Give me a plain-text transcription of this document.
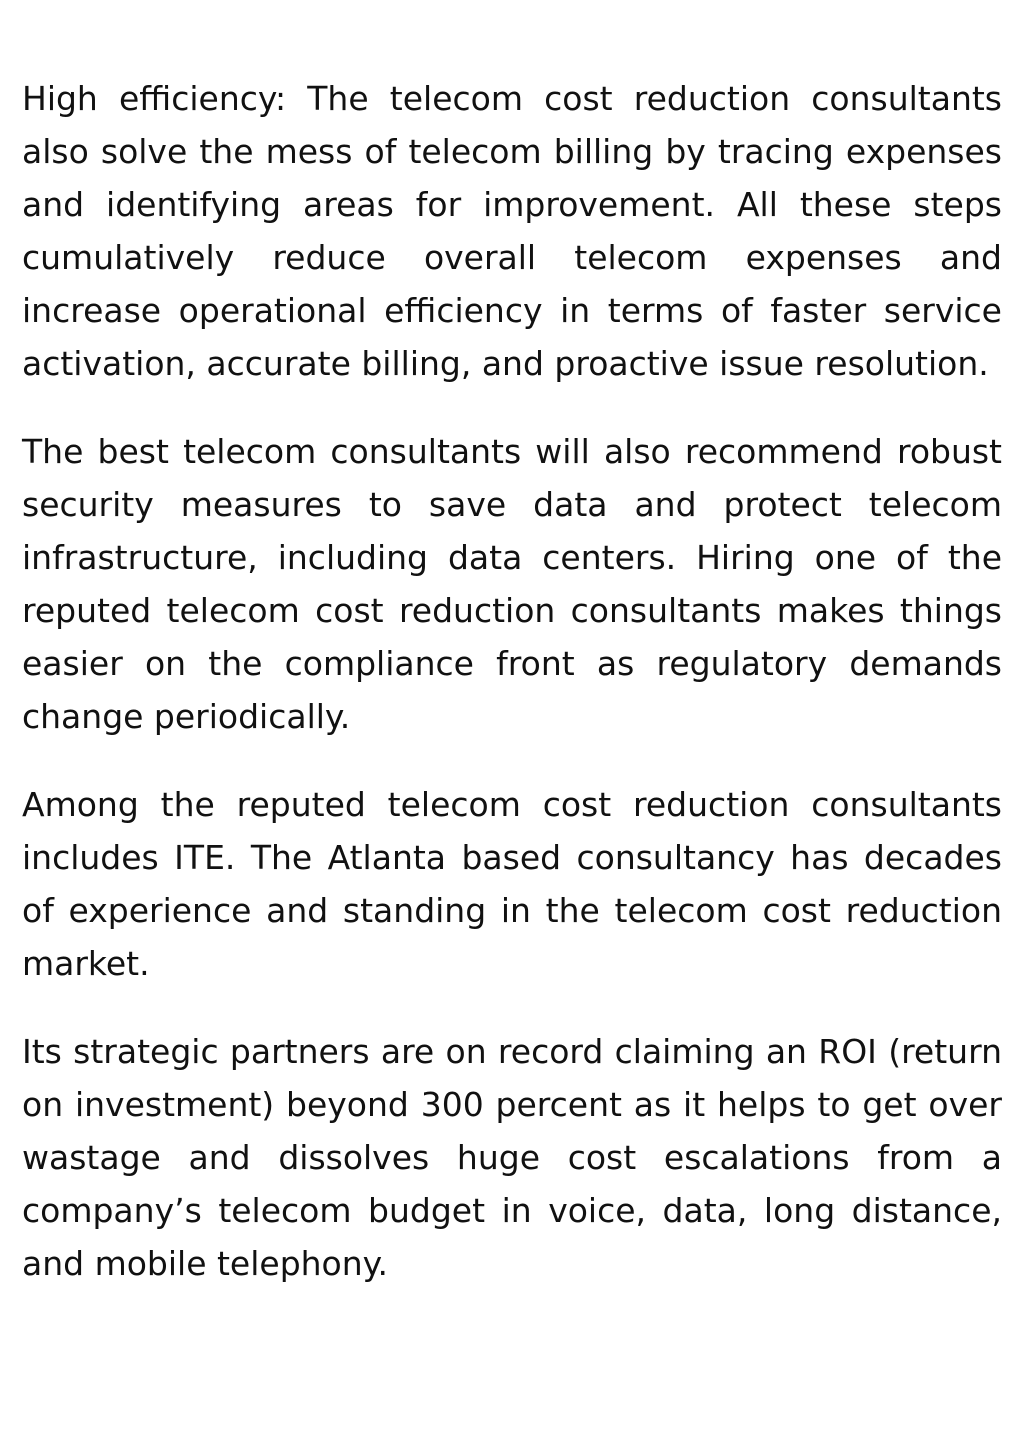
High efficiency: The telecom cost reduction consultants also solve the mess of telecom billing by tracing expenses and identifying areas for improvement. All these steps cumulatively reduce overall telecom expenses and increase operational efficiency in terms of faster service activation, accurate billing, and proactive issue resolution.

The best telecom consultants will also recommend robust security measures to save data and protect telecom infrastructure, including data centers. Hiring one of the reputed telecom cost reduction consultants makes things easier on the compliance front as regulatory demands change periodically.

Among the reputed telecom cost reduction consultants includes ITE. The Atlanta based consultancy has decades of experience and standing in the telecom cost reduction market.

Its strategic partners are on record claiming an ROI (return on investment) beyond 300 percent as it helps to get over wastage and dissolves huge cost escalations from a company’s telecom budget in voice, data, long distance, and mobile telephony.
